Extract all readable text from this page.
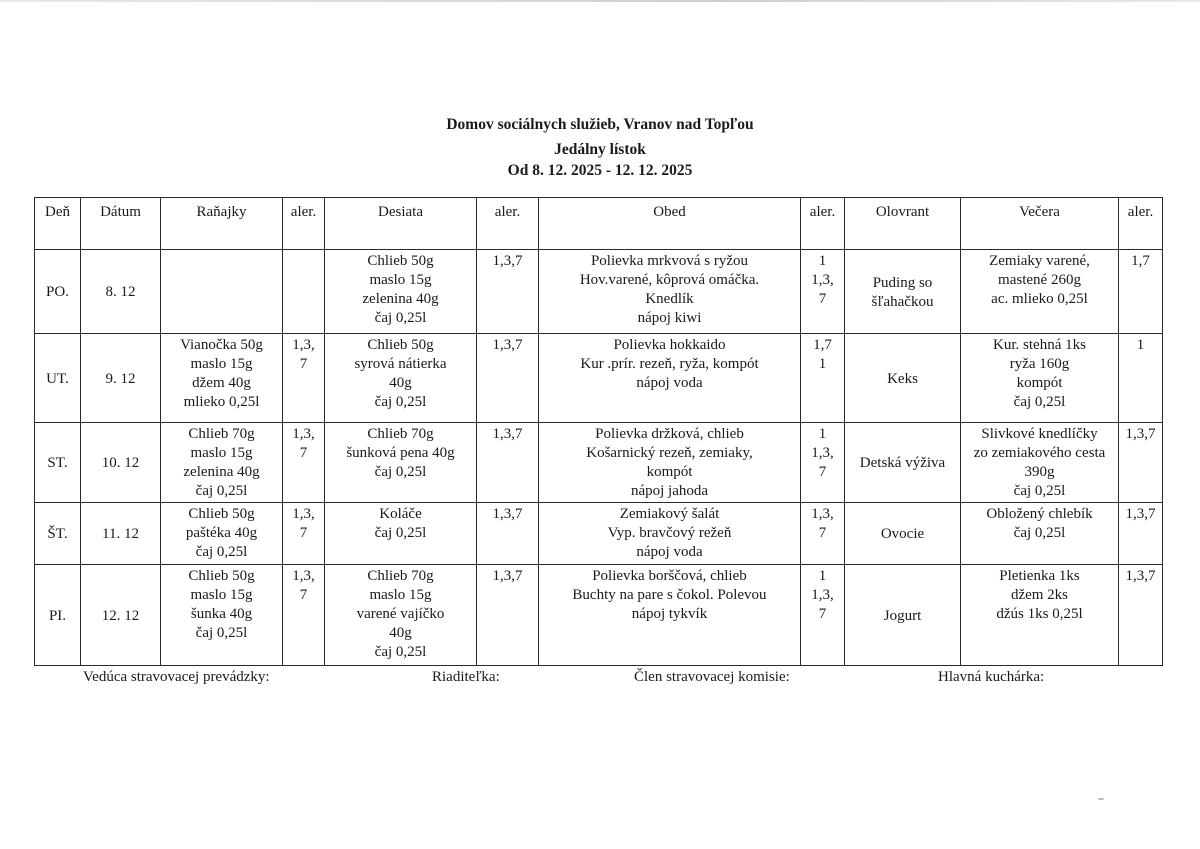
Domov sociálnych služieb, Vranov nad Topľou
Jedálny lístok
Od 8. 12. 2025 - 12. 12. 2025
Deň	Dátum	Raňajky	aler.	Desiata	aler.	Obed	aler.	Olovrant	Večera	aler.
PO.	8. 12			Chlieb 50g
maslo 15g
zelenina 40g
čaj 0,25l	1,3,7	Polievka mrkvová s ryžou
Hov.varené, kôprová omáčka.
Knedlík
nápoj kiwi	1
1,3,
7	Puding so
šľahačkou	Zemiaky varené,
mastené 260g
ac. mlieko 0,25l	1,7

UT.	9. 12	Vianočka 50g
maslo 15g
džem 40g
mlieko 0,25l	1,3,
7	Chlieb 50g
syrová nátierka
40g
čaj 0,25l	1,3,7	Polievka hokkaido
Kur .prír. rezeň, ryža, kompót
nápoj voda	1,7
1	Keks	Kur. stehná 1ks
ryža 160g
kompót
čaj 0,25l	1

ST.	10. 12	Chlieb 70g
maslo 15g
zelenina 40g
čaj 0,25l	1,3,
7	Chlieb 70g
šunková pena 40g
čaj 0,25l	1,3,7	Polievka držková, chlieb
Košarnický rezeň, zemiaky,
kompót
nápoj jahoda	1
1,3,
7	Detská výživa	Slivkové knedlíčky
zo zemiakového cesta
390g
čaj 0,25l	1,3,7

ŠT.	11. 12	Chlieb 50g
paštéka 40g
čaj 0,25l	1,3,
7	Koláče
čaj 0,25l	1,3,7	Zemiakový šalát
Vyp. bravčový režeň
nápoj voda	1,3,
7	Ovocie	Obložený chlebík
čaj 0,25l	1,3,7

PI.	12. 12	Chlieb 50g
maslo 15g
šunka 40g
čaj 0,25l	1,3,
7	Chlieb 70g
maslo 15g
varené vajíčko
40g
čaj 0,25l	1,3,7	Polievka boršč​ová, chlieb
Buchty na pare s čokol. Polevou
nápoj tykvík	1
1,3,
7	Jogurt	Pletienka 1ks
džem 2ks
džús 1ks 0,25l	1,3,7
Vedúca stravovacej prevádzky:	Riaditeľka:	Člen stravovacej komisie:	Hlavná kuchárka:
